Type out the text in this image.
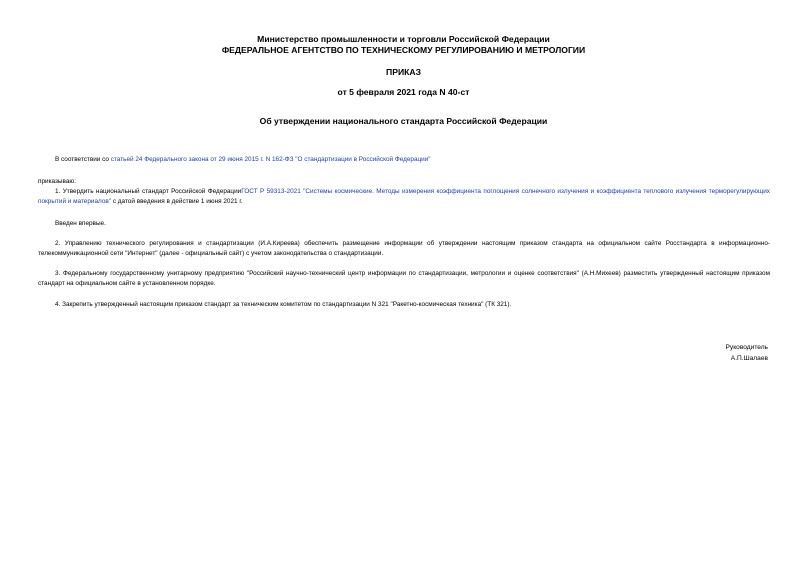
Министерство промышленности и торговли Российской Федерации
ФЕДЕРАЛЬНОЕ АГЕНТСТВО ПО ТЕХНИЧЕСКОМУ РЕГУЛИРОВАНИЮ И МЕТРОЛОГИИ
ПРИКАЗ
от 5 февраля 2021 года N 40-ст
Об утверждении национального стандарта Российской Федерации
В соответствии со статьей 24 Федерального закона от 29 июня 2015 г. N 162-ФЗ "О стандартизации в Российской Федерации"
приказываю:
1. Утвердить национальный стандарт Российской ФедерацииГОСТ Р 59313-2021 "Системы космические. Методы измерения коэффициента поглощения солнечного излучения и коэффициента теплового излучения терморегулирующих покрытий и материалов" с датой введения в действие 1 июня 2021 г.
Введен впервые.
2. Управлению технического регулирования и стандартизации (И.А.Киреева) обеспечить размещение информации об утверждении настоящим приказом стандарта на официальном сайте Росстандарта в информационно-телекоммуникационной сети "Интернет" (далее - официальный сайт) с учетом законодательства о стандартизации.
3. Федеральному государственному унитарному предприятию "Российский научно-технический центр информации по стандартизации, метрологии и оценке соответствия" (А.Н.Михеев) разместить утвержденный настоящим приказом стандарт на официальном сайте в установленном порядке.
4. Закрепить утвержденный настоящим приказом стандарт за техническим комитетом по стандартизации N 321 "Ракетно-космическая техника" (ТК 321).
Руководитель
А.П.Шалаев
